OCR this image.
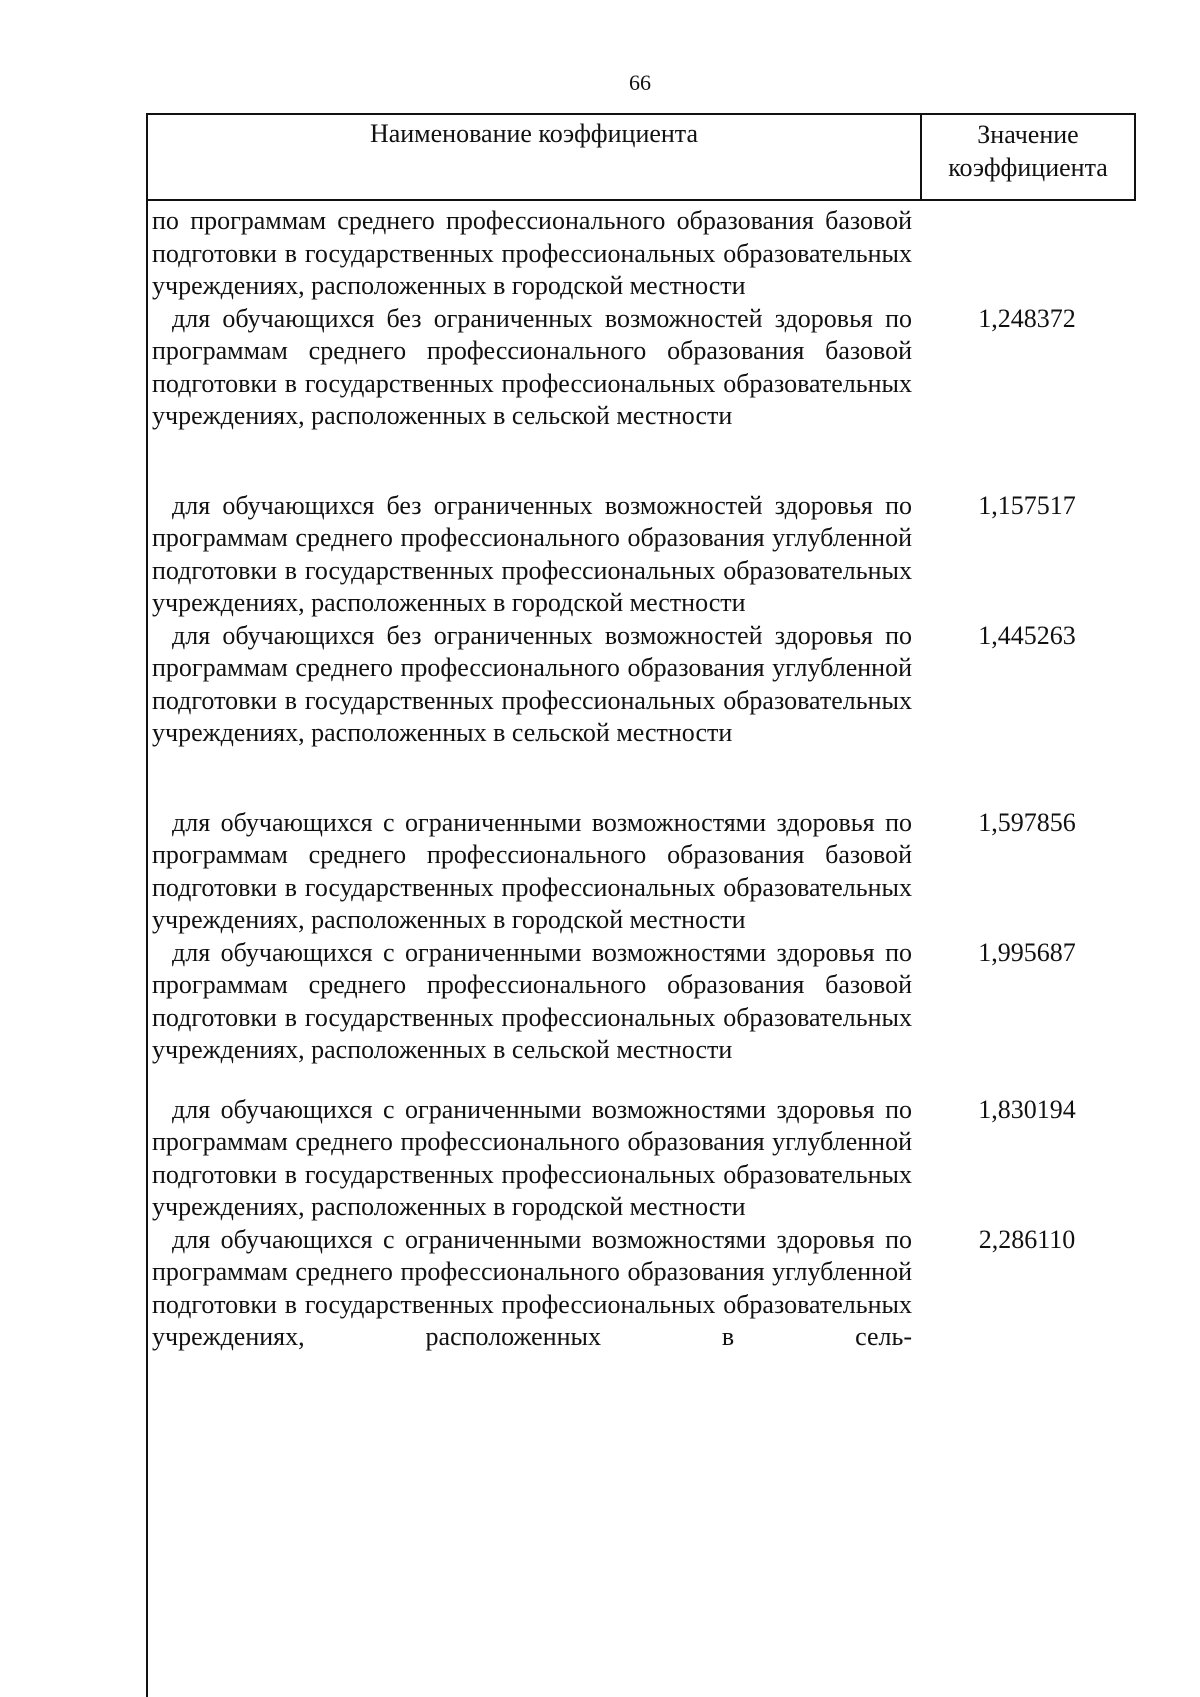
66
Наименование коэффициента	Значение
коэффициента
по программам среднего профессионального образования базовой подготовки в государственных профессиональных образовательных учреждениях, расположенных в городской местности
для обучающихся без ограниченных возможностей здоровья по программам среднего профессионального образования базовой подготовки в государственных профессиональных образовательных учреждениях, расположенных в сельской местности
1,248372
для обучающихся без ограниченных возможностей здоровья по программам среднего профессионального образования углубленной подготовки в государственных профессиональных образовательных учреждениях, расположенных в городской местности
1,157517
для обучающихся без ограниченных возможностей здоровья по программам среднего профессионального образования углубленной подготовки в государственных профессиональных образовательных учреждениях, расположенных в сельской местности
1,445263
для обучающихся с ограниченными возможностями здоровья по программам среднего профессионального образования базовой подготовки в государственных профессиональных образовательных учреждениях, расположенных в городской местности
1,597856
для обучающихся с ограниченными возможностями здоровья по программам среднего профессионального образования базовой подготовки в государственных профессиональных образовательных учреждениях, расположенных в сельской местности
1,995687
для обучающихся с ограниченными возможностями здоровья по программам среднего профессионального образования углубленной подготовки в государственных профессиональных образовательных учреждениях, расположенных в городской местности
1,830194
для обучающихся с ограниченными возможностями здоровья по программам среднего профессионального образования углубленной подготовки в государственных профессиональных образовательных учреждениях, расположенных в сель-
2,286110
